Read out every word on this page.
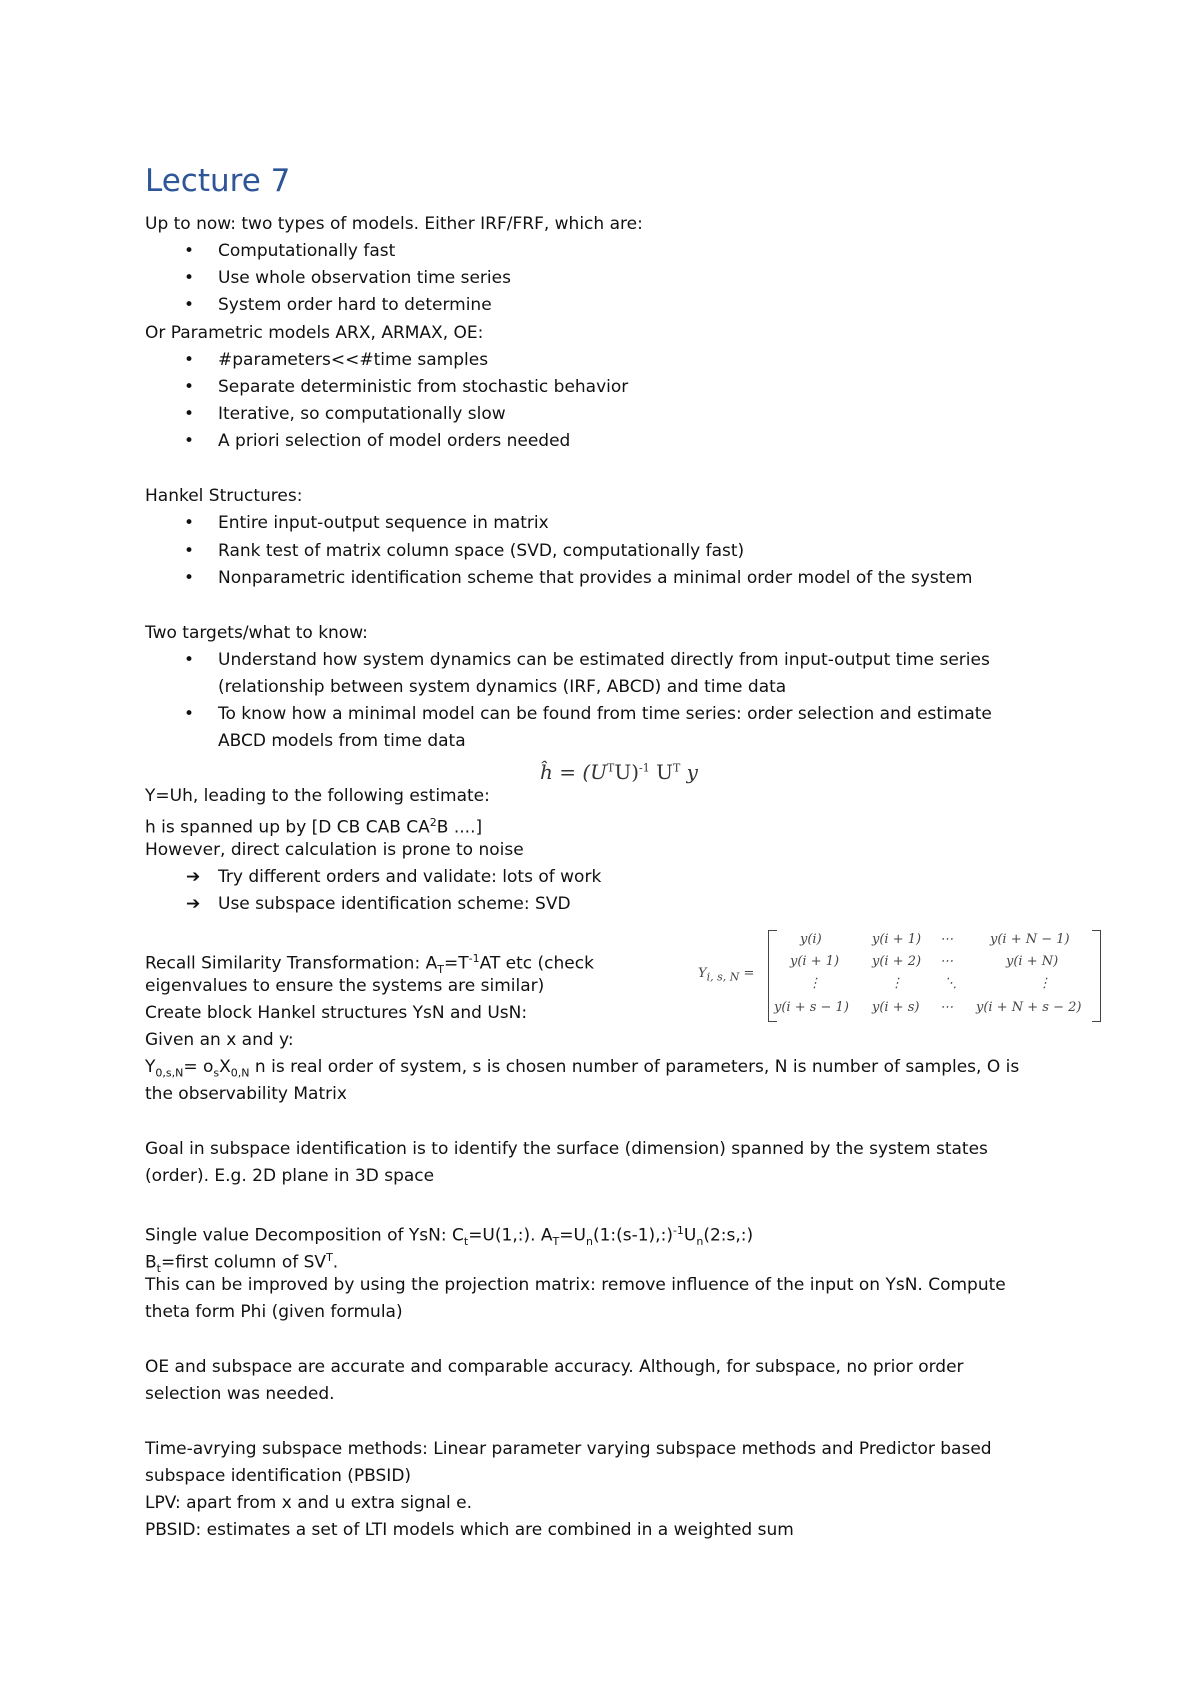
Lecture 7
Up to now: two types of models. Either IRF/FRF, which are:
• Computationally fast
• Use whole observation time series
• System order hard to determine
Or Parametric models ARX, ARMAX, OE:
• #parameters<<#time samples
• Separate deterministic from stochastic behavior
• Iterative, so computationally slow
• A priori selection of model orders needed
Hankel Structures:
• Entire input-output sequence in matrix
• Rank test of matrix column space (SVD, computationally fast)
• Nonparametric identification scheme that provides a minimal order model of the system
Two targets/what to know:
• Understand how system dynamics can be estimated directly from input-output time series
(relationship between system dynamics (IRF, ABCD) and time data
• To know how a minimal model can be found from time series: order selection and estimate
ABCD models from time data
ĥ = $(U^TU)^{-1}$ $U^T$ y
Y=Uh, leading to the following estimate:
h is spanned up by [D CB CAB $CA^2B$ ....]
However, direct calculation is prone to noise
➔ Try different orders and validate: lots of work
➔ Use subspace identification scheme: SVD
Recall Similarity Transformation: $A_T=T^{-1}AT$ etc (check
eigenvalues to ensure the systems are similar)
Create block Hankel structures YsN and UsN:
Given an x and y:
$Y_{0,s,N}= o_sX_{0,N}$ n is real order of system, s is chosen number of parameters, N is number of samples, O is
the observability Matrix
$Y_{i, s, N}$ =
y(i)	y(i + 1) ⋯	y(i + N − 1)
y(i + 1)	y(i + 2) ⋯	y(i + N)
⋮	⋮	⋱	⋮
y(i + s − 1) y(i + s) ⋯ y(i + N + s − 2)
Goal in subspace identification is to identify the surface (dimension) spanned by the system states
(order). E.g. 2D plane in 3D space
Single value Decomposition of YsN: $C_t=U(1,:)$. $A_T=U_n(1:(s-1),:)^{-1}U_n(2:s,:)$
$B_t=first$ column of $SV^T$.
This can be improved by using the projection matrix: remove influence of the input on YsN. Compute
theta form Phi (given formula)
OE and subspace are accurate and comparable accuracy. Although, for subspace, no prior order
selection was needed.
Time-avrying subspace methods: Linear parameter varying subspace methods and Predictor based
subspace identification (PBSID)
LPV: apart from x and u extra signal e.
PBSID: estimates a set of LTI models which are combined in a weighted sum
